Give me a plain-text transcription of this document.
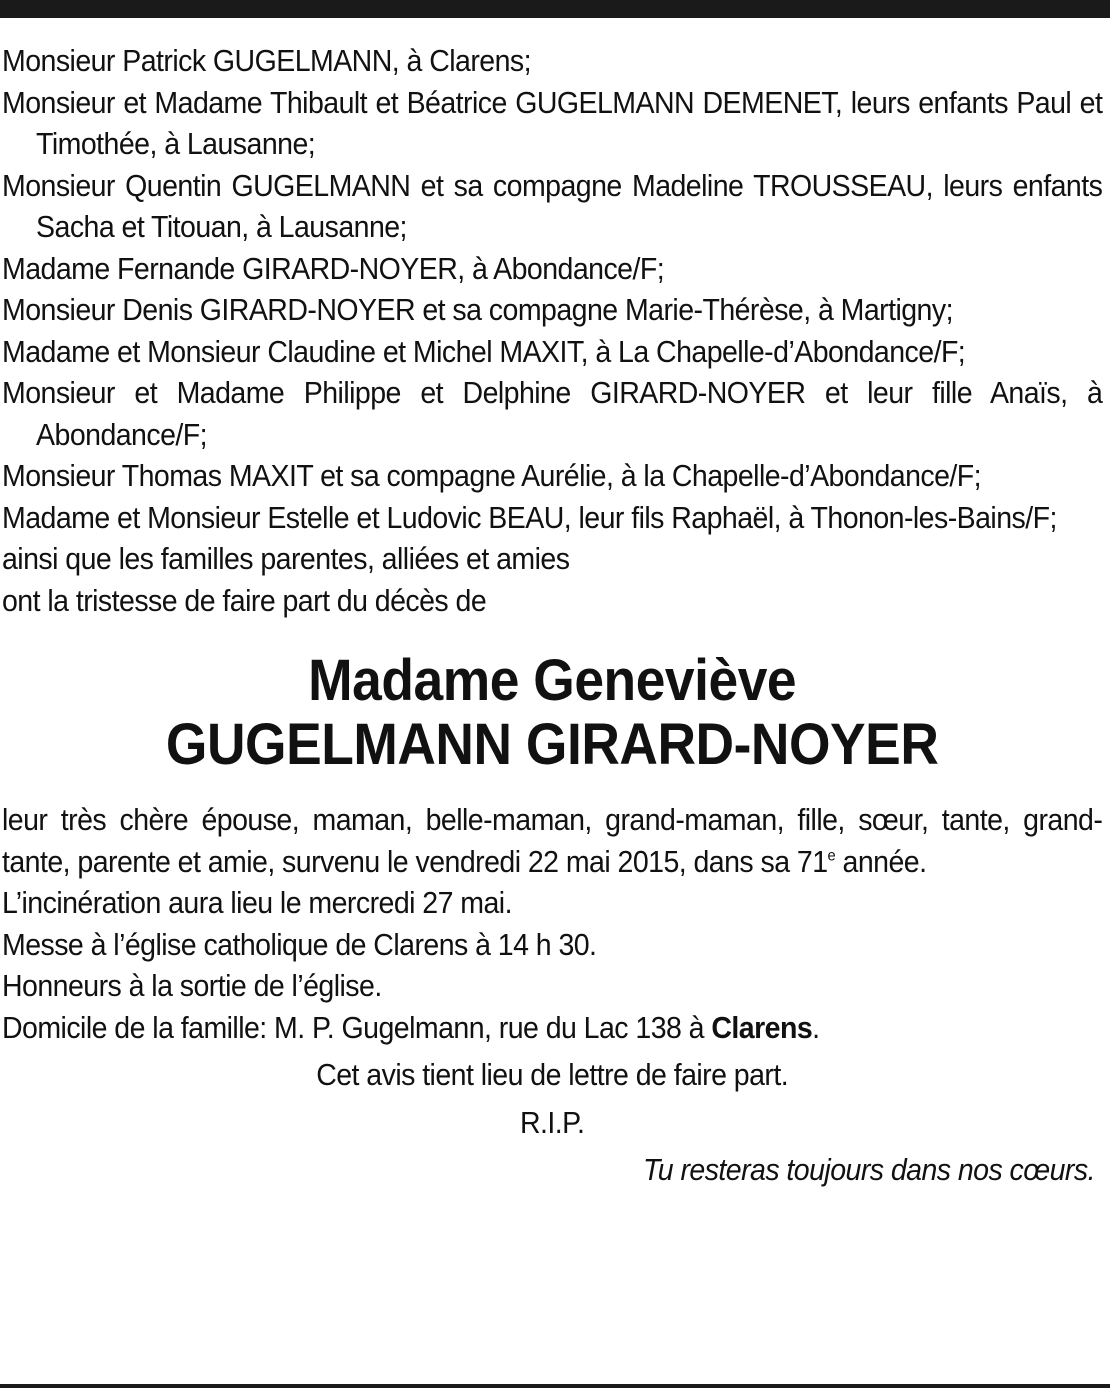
Monsieur Patrick GUGELMANN, à Clarens;
Monsieur et Madame Thibault et Béatrice GUGELMANN DEMENET, leurs enfants Paul et Timothée, à Lausanne;
Monsieur Quentin GUGELMANN et sa compagne Madeline TROUSSEAU, leurs enfants Sacha et Titouan, à Lausanne;
Madame Fernande GIRARD-NOYER, à Abondance/F;
Monsieur Denis GIRARD-NOYER et sa compagne Marie-Thérèse, à Martigny;
Madame et Monsieur Claudine et Michel MAXIT, à La Chapelle-d’Abondance/F;
Monsieur et Madame Philippe et Delphine GIRARD-NOYER et leur fille Anaïs, à Abondance/F;
Monsieur Thomas MAXIT et sa compagne Aurélie, à la Chapelle-d’Abondance/F;
Madame et Monsieur Estelle et Ludovic BEAU, leur fils Raphaël, à Thonon-les-Bains/F;
ainsi que les familles parentes, alliées et amies
ont la tristesse de faire part du décès de
Madame Geneviève
GUGELMANN GIRARD-NOYER
leur très chère épouse, maman, belle-maman, grand-maman, fille, sœur, tante, grand-tante, parente et amie, survenu le vendredi 22 mai 2015, dans sa 71e année.
L’incinération aura lieu le mercredi 27 mai.
Messe à l’église catholique de Clarens à 14 h 30.
Honneurs à la sortie de l’église.
Domicile de la famille: M. P. Gugelmann, rue du Lac 138 à Clarens.
Cet avis tient lieu de lettre de faire part.
R.I.P.
Tu resteras toujours dans nos cœurs.
